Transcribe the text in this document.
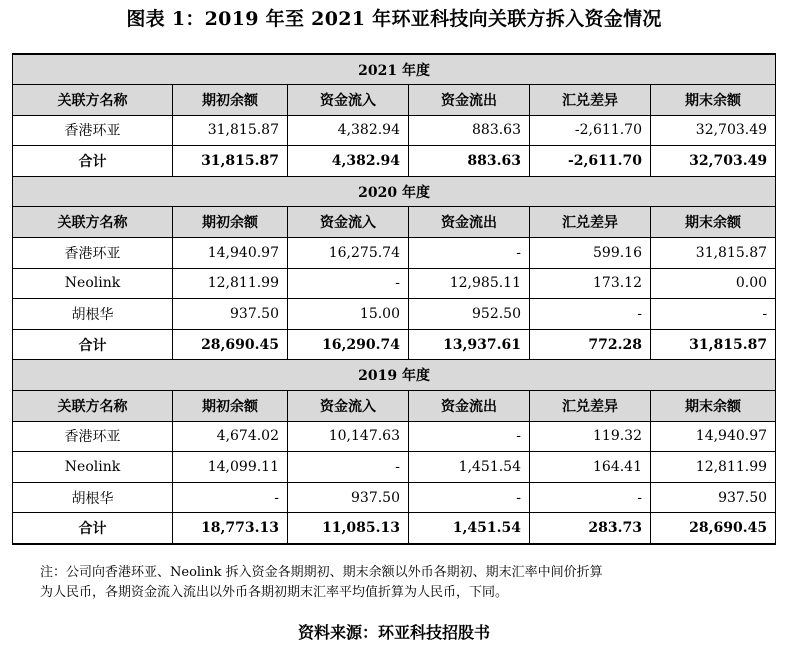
图表 1：2019 年至 2021 年环亚科技向关联方拆入资金情况
2021 年度					
关联方名称	期初余额	资金流入	资金流出	汇兑差异	期末余额
香港环亚	31,815.87	4,382.94	883.63	-2,611.70	32,703.49
合计	31,815.87	4,382.94	883.63	-2,611.70	32,703.49
2020 年度					
关联方名称	期初余额	资金流入	资金流出	汇兑差异	期末余额
香港环亚	14,940.97	16,275.74	-	599.16	31,815.87
Neolink	12,811.99	-	12,985.11	173.12	0.00
胡根华	937.50	15.00	952.50	-	-
合计	28,690.45	16,290.74	13,937.61	772.28	31,815.87
2019 年度					
关联方名称	期初余额	资金流入	资金流出	汇兑差异	期末余额
香港环亚	4,674.02	10,147.63	-	119.32	14,940.97
Neolink	14,099.11	-	1,451.54	164.41	12,811.99
胡根华	-	937.50	-	-	937.50
合计	18,773.13	11,085.13	1,451.54	283.73	28,690.45

注：公司向香港环亚、Neolink 拆入资金各期期初、期末余额以外币各期初、期末汇率中间价折算

为人民币，各期资金流入流出以外币各期初期末汇率平均值折算为人民币，下同。

资料来源：环亚科技招股书
